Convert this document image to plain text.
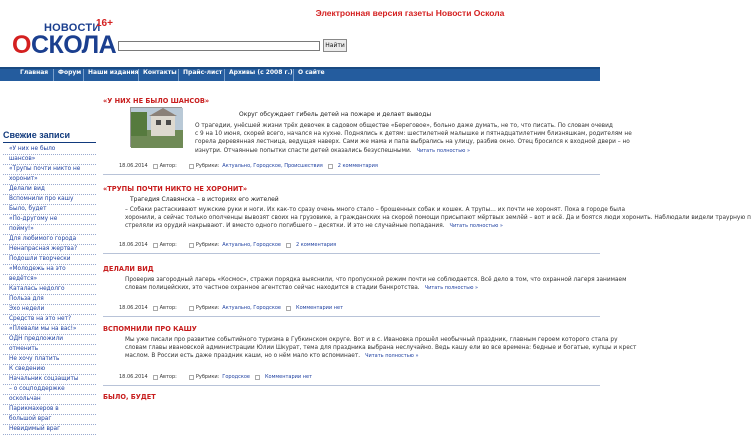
НОВОСТИ
ОСКОЛА
16+
Электронная версия газеты Новости Оскола
Найти
Главная	Форум	Наши издания Контакты	Прайс-лист	Архивы (с 2008 г.) О сайте
Свежие записи
«У них не было
шансов»
«Трупы почти никто не
хоронит»
Делали вид
Вспомнили про кашу
Было, будет
«По-другому не
пойму!»
Для любимого города
Ненапрасная жертва?
Подошли творчески
«Молодежь на это
ведётся»
Каталась недолго
Польза для
Эхо недели
Средств на это нет?
«Плевали мы на вас!»
ОДН предложили
отменить
Не хочу платить
К сведению
Начальник соцзащиты
– о соцподдержке
оскольчан
Парикмахеров в
большой враг
Невидимый враг
«У НИХ НЕ БЫЛО ШАНСОВ»
Округ обсуждает гибель детей на пожаре и делает выводы
О трагедии, унёсшей жизни трёх девочек в садовом обществе «Береговое», больно даже думать, не то, что писать. По словам очевид
с 9 на 10 июня, скорей всего, начался на кухне. Поднялись к детям: шестилетней малышке и пятнадцатилетним близняшкам, родителям не
горела деревянная лестница, ведущая наверх. Сами же мама и папа выбрались на улицу, разбив окно. Отец бросился к входной двери – но
изнутри. Отчаянные попытки спасти детей оказались безуспешными. Читать полностью »
18.06.2014 Автор:	Рубрики: Актуально, Городское, Происшествия	2 комментария
«ТРУПЫ ПОЧТИ НИКТО НЕ ХОРОНИТ»
Трагедия Славянска – в историях его жителей
– Собаки растаскивают мужские руки и ноги. Их как-то сразу очень много стало – брошенных собак и кошек. А трупы… их почти не хоронят. Пока в городе была
хоронили, а сейчас только ополченцы вывозят своих на грузовике, а гражданских на скорой помощи присыпают мёртвых землёй – вот и всё. Да и боятся люди хоронить. Наблюдали видели траурную п
стреляли из орудий накрывают. И вместо одного погибшего – десятки. И это не случайные попадания. Читать полностью »
18.06.2014 Автор:	Рубрики: Актуально, Городское	2 комментария
ДЕЛАЛИ ВИД
Проверив загородный лагерь «Космос», стражи порядка выяснили, что пропускной режим почти не соблюдается. Всё дело в том, что охранной лагеря занимаем
словам полицейских, это частное охранное агентство сейчас находится в стадии банкротства. Читать полностью »
18.06.2014 Автор:	Рубрики: Актуально, Городское	Комментарии нет
ВСПОМНИЛИ ПРО КАШУ
Мы уже писали про развитие событийного туризма в Губкинском округе. Вот и в с. Ивановка прошёл необычный праздник, главным героем которого стала ру
словам главы ивановской администрации Юлии Шкурат, тема для праздника выбрана неслучайно. Ведь кашу ели во все времена: бедные и богатые, купцы и крест
маслом. В России есть даже праздник каши, но о нём мало кто вспоминает. Читать полностью »
18.06.2014 Автор:	Рубрики: Городское	Комментарии нет
БЫЛО, БУДЕТ
